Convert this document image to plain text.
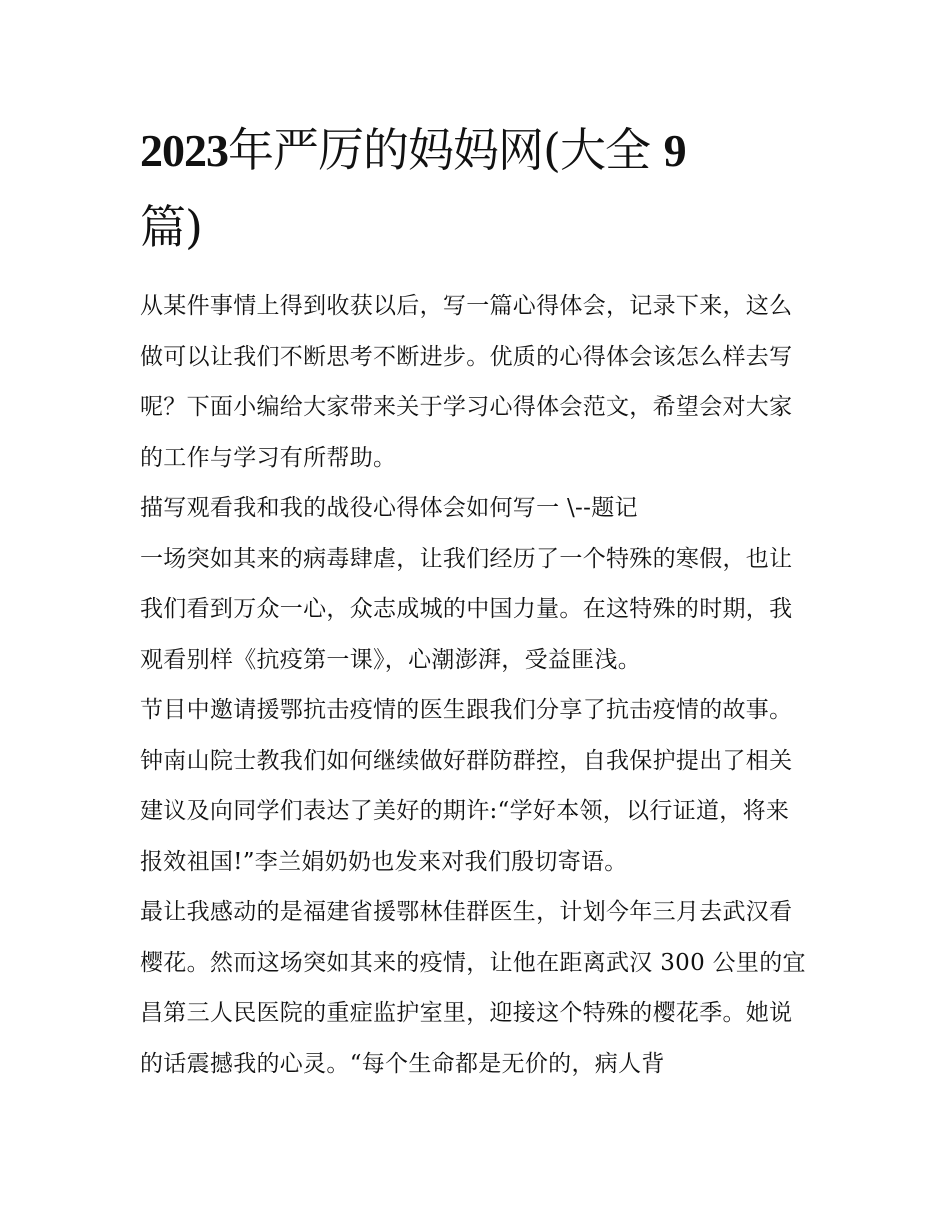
2023年严厉的妈妈网(大全 9
篇)

从某件事情上得到收获以后，写一篇心得体会，记录下来，这么做可以让我们不断思考不断进步。优质的心得体会该怎么样去写呢？下面小编给大家带来关于学习心得体会范文，希望会对大家的工作与学习有所帮助。

描写观看我和我的战役心得体会如何写一 \--题记

一场突如其来的病毒肆虐，让我们经历了一个特殊的寒假，也让我们看到万众一心，众志成城的中国力量。在这特殊的时期，我观看别样《抗疫第一课》，心潮澎湃，受益匪浅。

节目中邀请援鄂抗击疫情的医生跟我们分享了抗击疫情的故事。钟南山院士教我们如何继续做好群防群控，自我保护提出了相关建议及向同学们表达了美好的期许:“学好本领，以行证道，将来报效祖国!”李兰娟奶奶也发来对我们殷切寄语。

最让我感动的是福建省援鄂林佳群医生，计划今年三月去武汉看樱花。然而这场突如其来的疫情，让他在距离武汉 300 公里的宜昌第三人民医院的重症监护室里，迎接这个特殊的樱花季。她说的话震撼我的心灵。“每个生命都是无价的，病人背
